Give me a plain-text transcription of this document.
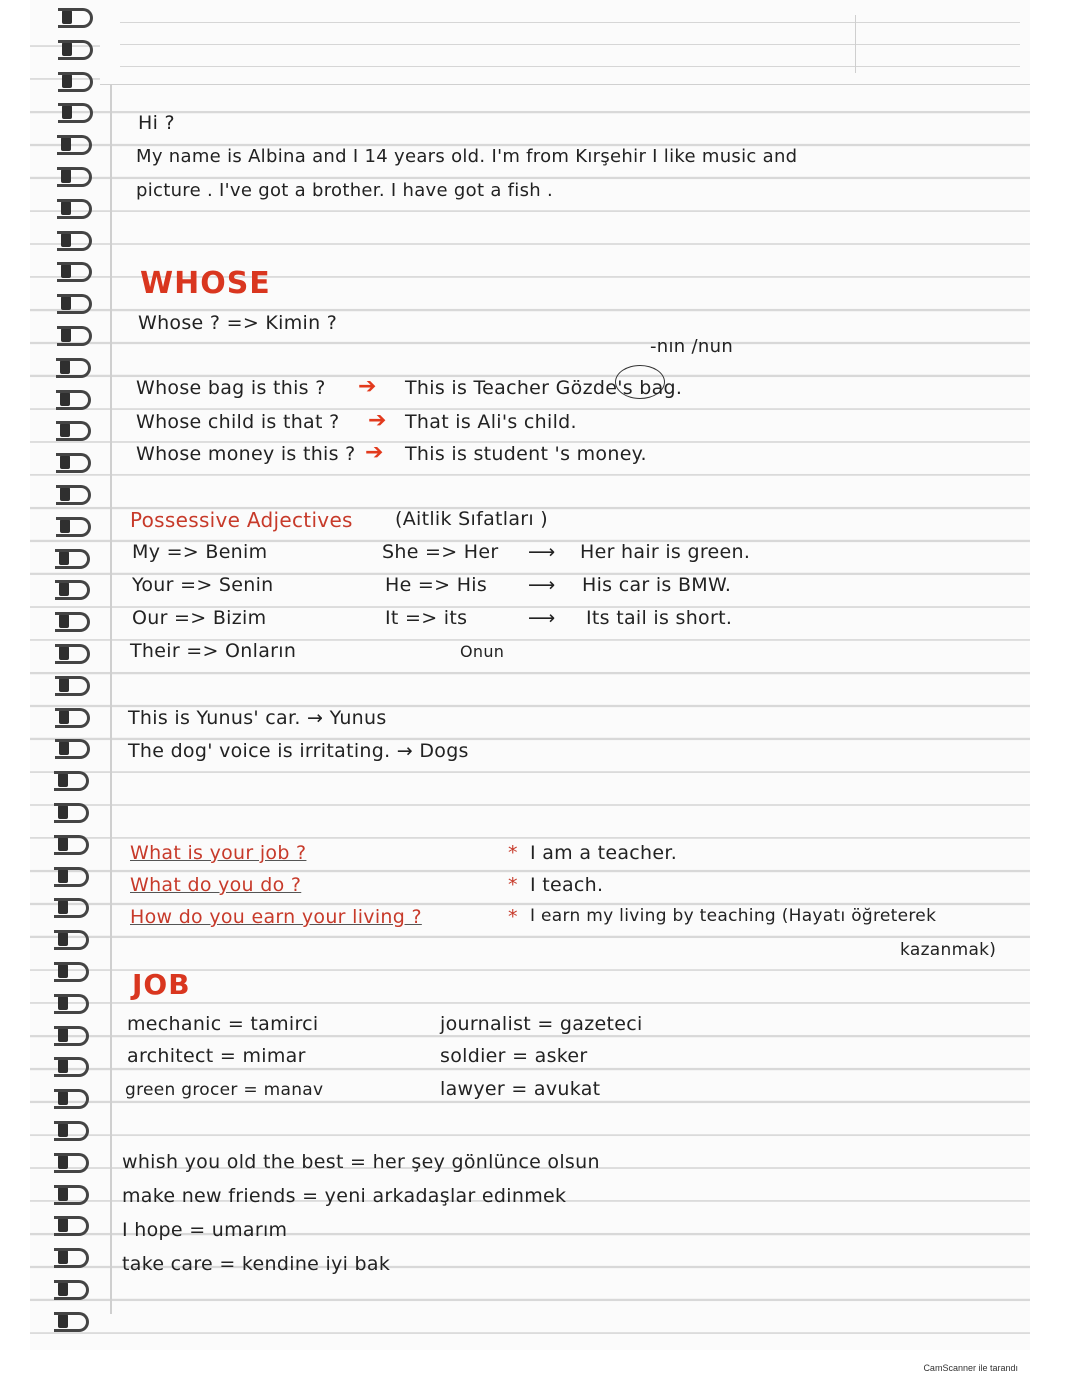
Hi ?
My name is Albina and I 14 years old. I'm from Kırşehir I like music and
picture . I've got a brother. I have got a fish .
WHOSE
Whose ? => Kimin ?
-nın /nun
Whose bag is this ? ➔ This is Teacher Gözde's bag.
Whose child is that ? ➔ That is Ali's child.
Whose money is this ? ➔ This is student 's money.
Possessive Adjectives (Aitlik Sıfatları )
My => Benim
Your => Senin
Our => Bizim
Their => Onların
She => Her
He => His
It => its
Onun
⟶
⟶
⟶
Her hair is green.
His car is BMW.
Its tail is short.
This is Yunus' car. → Yunus
The dog' voice is irritating. → Dogs
What is your job ?
What do you do ?
How do you earn your living ?
*
*
*
I am a teacher.
I teach.
I earn my living by teaching (Hayatı öğreterek
kazanmak)
JOB
mechanic = tamirci
architect = mimar
green grocer = manav
journalist = gazeteci
soldier = asker
lawyer = avukat
whish you old the best = her şey gönlünce olsun
make new friends = yeni arkadaşlar edinmek
I hope = umarım
take care = kendine iyi bak
CamScanner ile tarandı
